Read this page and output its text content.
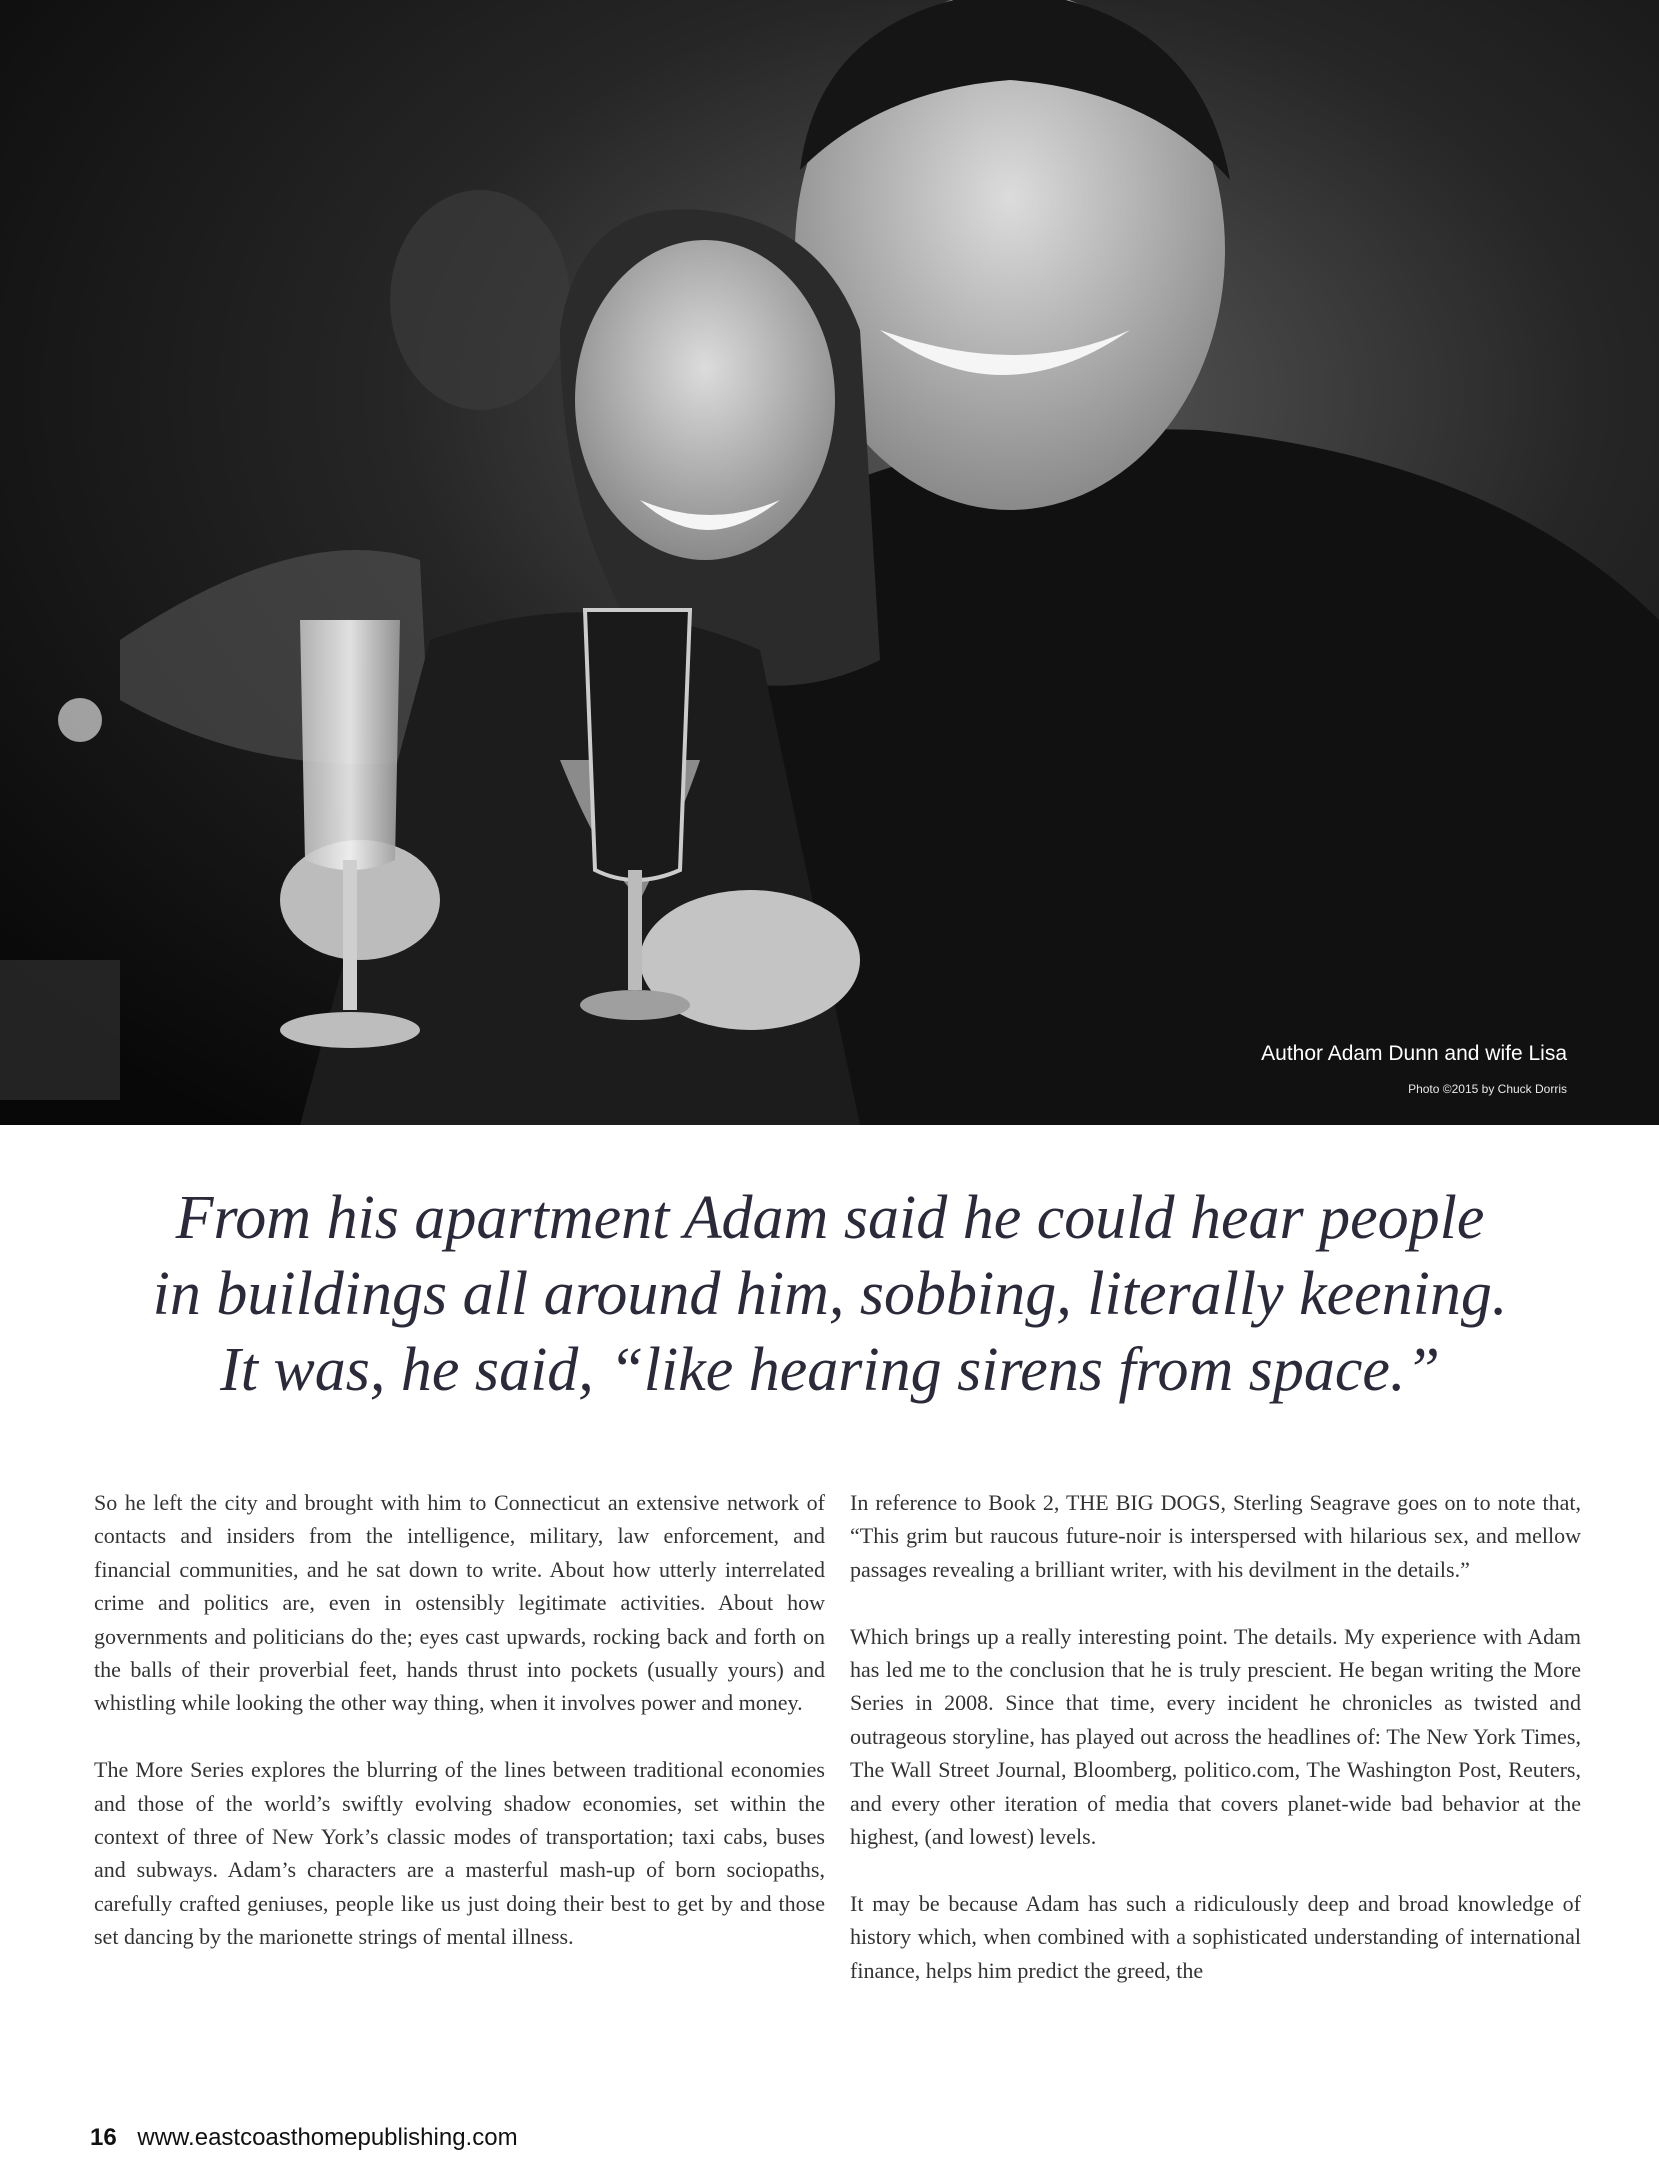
Author Adam Dunn and wife Lisa
Photo ©2015 by Chuck Dorris
From his apartment Adam said he could hear people
in buildings all around him, sobbing, literally keening.
It was, he said, “like hearing sirens from space.”

So he left the city and brought with him to Connecticut an extensive network of contacts and insiders from the intelligence, military, law enforcement, and financial communities, and he sat down to write. About how utterly interrelated crime and politics are, even in ostensibly legitimate activities. About how governments and politicians do the; eyes cast upwards, rocking back and forth on the balls of their proverbial feet, hands thrust into pockets (usually yours) and whistling while looking the other way thing, when it involves power and money.

The More Series explores the blurring of the lines between traditional economies and those of the world’s swiftly evolving shadow economies, set within the context of three of New York’s classic modes of transportation; taxi cabs, buses and subways. Adam’s characters are a masterful mash-up of born sociopaths, carefully crafted geniuses, people like us just doing their best to get by and those set dancing by the marionette strings of mental illness.

In reference to Book 2, THE BIG DOGS, Sterling Seagrave goes on to note that, “This grim but raucous future-noir is interspersed with hilarious sex, and mellow passages revealing a brilliant writer, with his devilment in the details.”

Which brings up a really interesting point. The details. My experience with Adam has led me to the conclusion that he is truly prescient. He began writing the More Series in 2008. Since that time, every incident he chronicles as twisted and outrageous storyline, has played out across the headlines of: The New York Times, The Wall Street Journal, Bloomberg, politico.com, The Washington Post, Reuters, and every other iteration of media that covers planet-wide bad behavior at the highest, (and lowest) levels.

It may be because Adam has such a ridiculously deep and broad knowledge of history which, when combined with a sophisticated understanding of international finance, helps him predict the greed, the

16 www.eastcoasthomepublishing.com
